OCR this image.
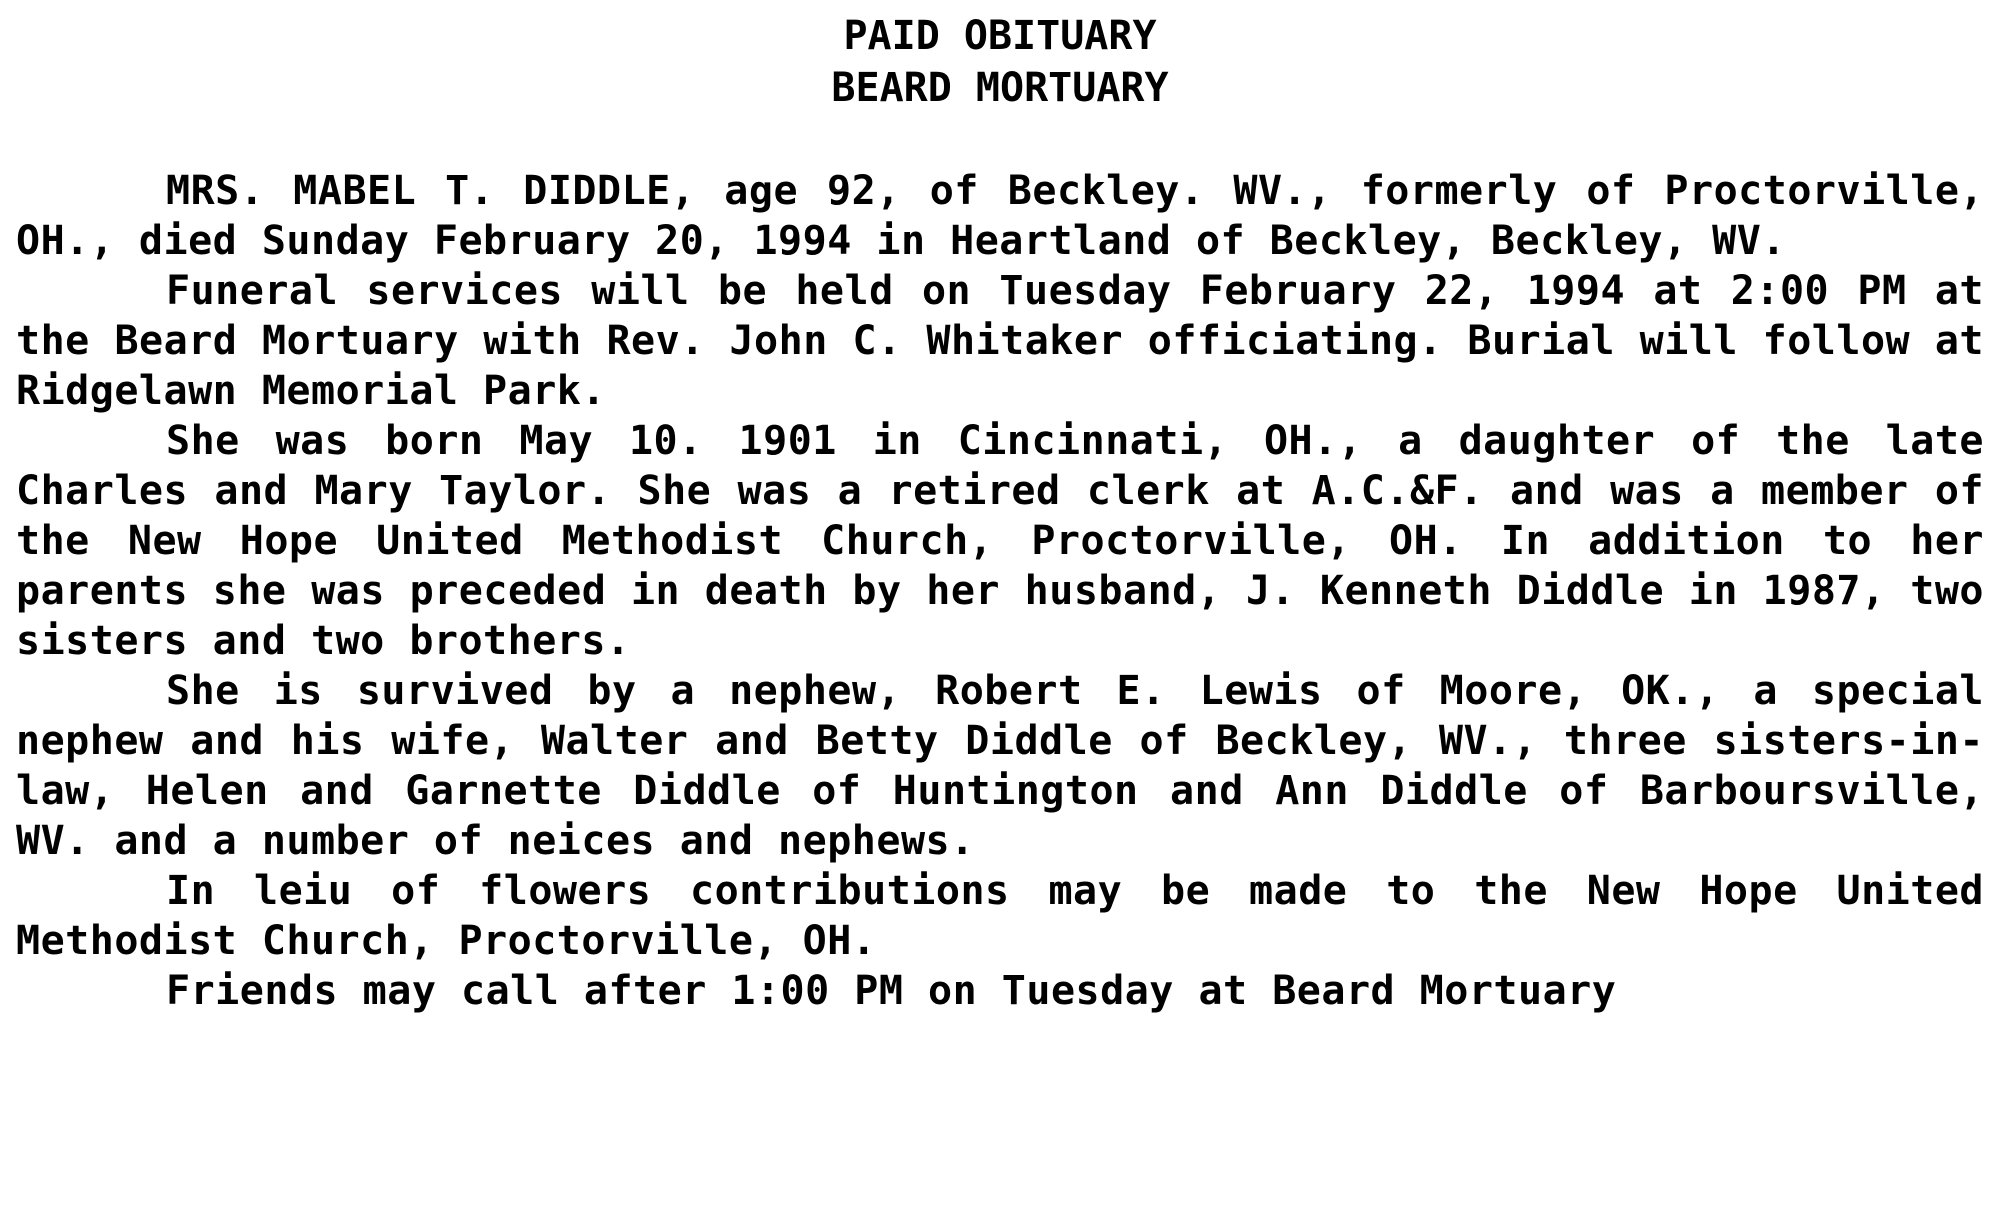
PAID OBITUARY

BEARD MORTUARY

MRS. MABEL T. DIDDLE, age 92, of Beckley. WV., formerly of Proctorville, OH., died Sunday February 20, 1994 in Heartland of Beckley, Beckley, WV.

Funeral services will be held on Tuesday February 22, 1994 at 2:00 PM at the Beard Mortuary with Rev. John C. Whitaker officiating. Burial will follow at Ridgelawn Memorial Park.

She was born May 10. 1901 in Cincinnati, OH., a daughter of the late Charles and Mary Taylor. She was a retired clerk at A.C.&F. and was a member of the New Hope United Methodist Church, Proctorville, OH. In addition to her parents she was preceded in death by her husband, J. Kenneth Diddle in 1987, two sisters and two brothers.

She is survived by a nephew, Robert E. Lewis of Moore, OK., a special nephew and his wife, Walter and Betty Diddle of Beckley, WV., three sisters-in-law, Helen and Garnette Diddle of Huntington and Ann Diddle of Barboursville, WV. and a number of neices and nephews.

In leiu of flowers contributions may be made to the New Hope United Methodist Church, Proctorville, OH.

Friends may call after 1:00 PM on Tuesday at Beard Mortuary
